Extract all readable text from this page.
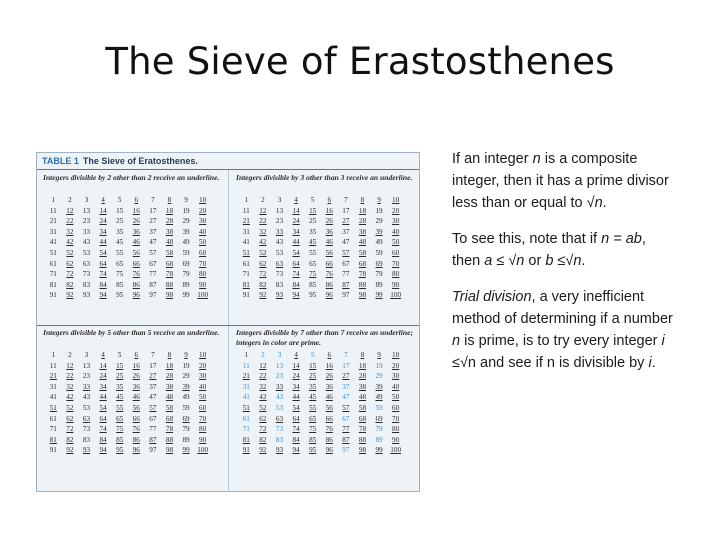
The Sieve of Erastosthenes
TABLE 1 The Sieve of Eratosthenes.
Integers divisible by 2 other than 2 receive an underline.
1	2	3	4	5	6	7	8	9	10
11	12	13	14	15	16	17	18	19	20
21	22	23	24	25	26	27	28	29	30
31	32	33	34	35	36	37	38	39	40
41	42	43	44	45	46	47	48	49	50
51	52	53	54	55	56	57	58	59	60
61	62	63	64	65	66	67	68	69	70
71	72	73	74	75	76	77	78	79	80
81	82	83	84	85	86	87	88	89	90
91	92	93	94	95	96	97	98	99	100
Integers divisible by 3 other than 3 receive an underline.
1	2	3	4	5	6	7	8	9	10
11	12	13	14	15	16	17	18	19	20
21	22	23	24	25	26	27	28	29	30
31	32	33	34	35	36	37	38	39	40
41	42	43	44	45	46	47	48	49	50
51	52	53	54	55	56	57	58	59	60
61	62	63	64	65	66	67	68	69	70
71	72	73	74	75	76	77	78	79	80
81	82	83	84	85	86	87	88	89	90
91	92	93	94	95	96	97	98	99	100
Integers divisible by 5 other than 5 receive an underline.
1	2	3	4	5	6	7	8	9	10
11	12	13	14	15	16	17	18	19	20
21	22	23	24	25	26	27	28	29	30
31	32	33	34	35	36	37	38	39	40
41	42	43	44	45	46	47	48	49	50
51	52	53	54	55	56	57	58	59	60
61	62	63	64	65	66	67	68	69	70
71	72	73	74	75	76	77	78	79	80
81	82	83	84	85	86	87	88	89	90
91	92	93	94	95	96	97	98	99	100
Integers divisible by 7 other than 7 receive an underline; integers in color are prime.
1	2	3	4	5	6	7	8	9	10
11	12	13	14	15	16	17	18	19	20
21	22	23	24	25	26	27	28	29	30
31	32	33	34	35	36	37	38	39	40
41	42	43	44	45	46	47	48	49	50
51	52	53	54	55	56	57	58	59	60
61	62	63	64	65	66	67	68	69	70
71	72	73	74	75	76	77	78	79	80
81	82	83	84	85	86	87	88	89	90
91	92	93	94	95	96	97	98	99	100

If an integer n is a composite integer, then it has a prime divisor less than or equal to √n.

To see this, note that if n = ab, then a ≤ √n or b ≤√n.

Trial division, a very inefficient method of determining if a number n is prime, is to try every integer i ≤√n and see if n is divisible by i.
